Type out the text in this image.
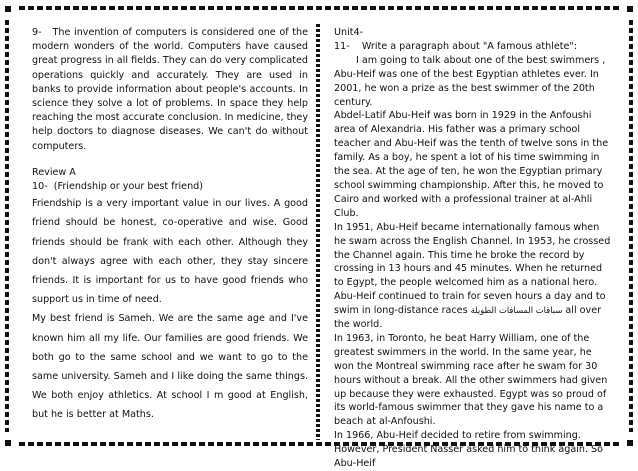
9- The invention of computers is considered one of the modern wonders of the world. Computers have caused great progress in all fields. They can do very complicated operations quickly and accurately. They are used in banks to provide information about people's accounts. In science they solve a lot of problems. In space they help reaching the most accurate conclusion. In medicine, they help doctors to diagnose diseases. We can't do without computers.

Review A

10- (Friendship or your best friend)

Friendship is a very important value in our lives. A good friend should be honest, co-operative and wise. Good friends should be frank with each other. Although they don't always agree with each other, they stay sincere friends. It is important for us to have good friends who support us in time of need.

My best friend is Sameh. We are the same age and I've known him all my life. Our families are good friends. We both go to the same school and we want to go to the same university. Sameh and I like doing the same things. We both enjoy athletics. At school I m good at English, but he is better at Maths.

Unit4-

11- Write a paragraph about "A famous athlete":

I am going to talk about one of the best swimmers ,

Abu-Heif was one of the best Egyptian athletes ever. In 2001, he won a prize as the best swimmer of the 20th century.

Abdel-Latif Abu-Heif was born in 1929 in the Anfoushi area of Alexandria. His father was a primary school teacher and Abu-Heif was the tenth of twelve sons in the family. As a boy, he spent a lot of his time swimming in the sea. At the age of ten, he won the Egyptian primary school swimming championship. After this, he moved to Cairo and worked with a professional trainer at al-Ahli Club.

In 1951, Abu-Heif became internationally famous when he swam across the English Channel. In 1953, he crossed the Channel again. This time he broke the record by crossing in 13 hours and 45 minutes. When he returned to Egypt, the people welcomed him as a national hero.

Abu-Heif continued to train for seven hours a day and to swim in long-distance races سباقات المسافات الطويلة all over the world.

In 1963, in Toronto, he beat Harry William, one of the greatest swimmers in the world. In the same year, he won the Montreal swimming race after he swam for 30 hours without a break. All the other swimmers had given up because they were exhausted. Egypt was so proud of its world-famous swimmer that they gave his name to a beach at al-Anfoushi.

In 1966, Abu-Heif decided to retire from swimming. However, President Nasser asked him to think again. So Abu-Heif
